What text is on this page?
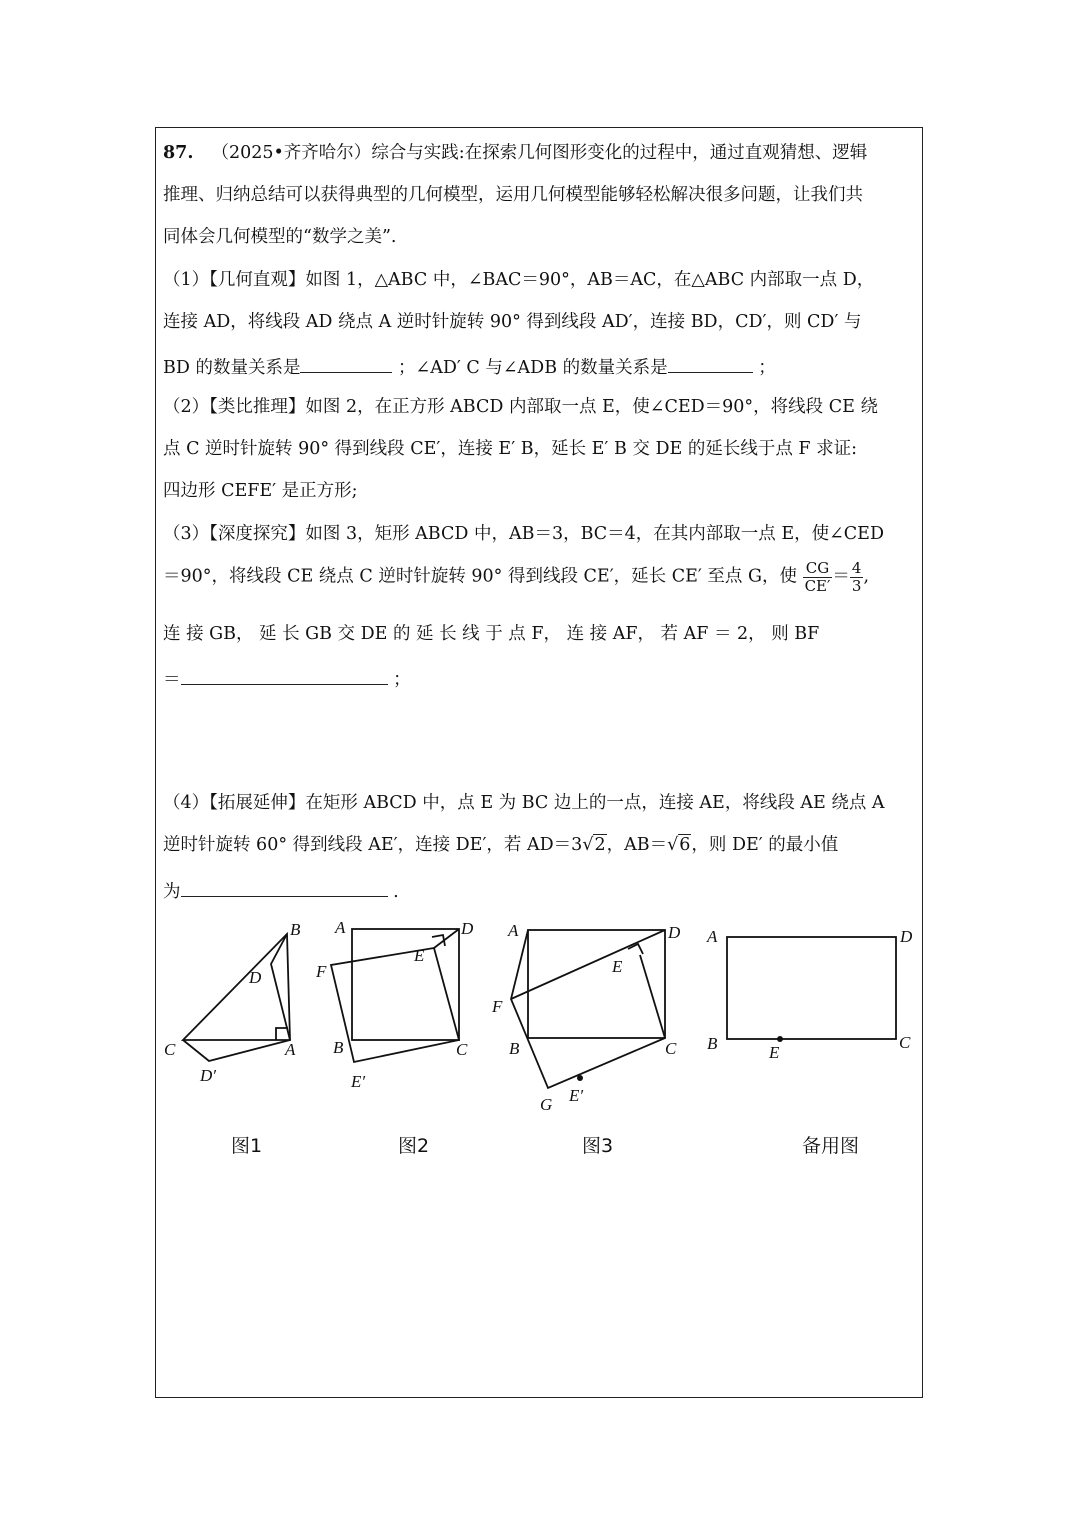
87. （2025•齐齐哈尔）综合与实践:在探索几何图形变化的过程中，通过直观猜想、逻辑
推理、归纳总结可以获得典型的几何模型，运用几何模型能够轻松解决很多问题，让我们共
同体会几何模型的“数学之美”.
（1）【几何直观】如图 1，△ABC 中，∠BAC＝90°，AB＝AC，在△ABC 内部取一点 D，
连接 AD，将线段 AD 绕点 A 逆时针旋转 90° 得到线段 AD′，连接 BD，CD′，则 CD′ 与
BD 的数量关系是	；∠AD′ C 与∠ADB 的数量关系是	；
（2）【类比推理】如图 2，在正方形 ABCD 内部取一点 E，使∠CED＝90°，将线段 CE 绕
点 C 逆时针旋转 90° 得到线段 CE′，连接 E′ B，延长 E′ B 交 DE 的延长线于点 F 求证:
四边形 CEFE′ 是正方形;
（3）【深度探究】如图 3，矩形 ABCD 中，AB＝3，BC＝4，在其内部取一点 E，使∠CED
＝90°，将线段 CE 绕点 C 逆时针旋转 90° 得到线段 CE′，延长 CE′ 至点 G，使 $\frac{CG}{CE'} = \frac{4}{3}$ ,
连 接 GB， 延 长 GB 交 DE 的 延 长 线 于 点 F， 连 接 AF， 若 AF ＝ 2， 则 BF
＝	；
（4）【拓展延伸】在矩形 ABCD 中，点 E 为 BC 边上的一点，连接 AE，将线段 AE 绕点 A
逆时针旋转 60° 得到线段 AE′，连接 DE′，若 AD＝3√2，AB＝√6，则 DE′ 的最小值
为	.
B
D
C	A
D′
A	D
E
F
B	C
E′
A	D
E
F
B	C
G E′
A	D
B	C
E
图1	图2	图3	备用图
